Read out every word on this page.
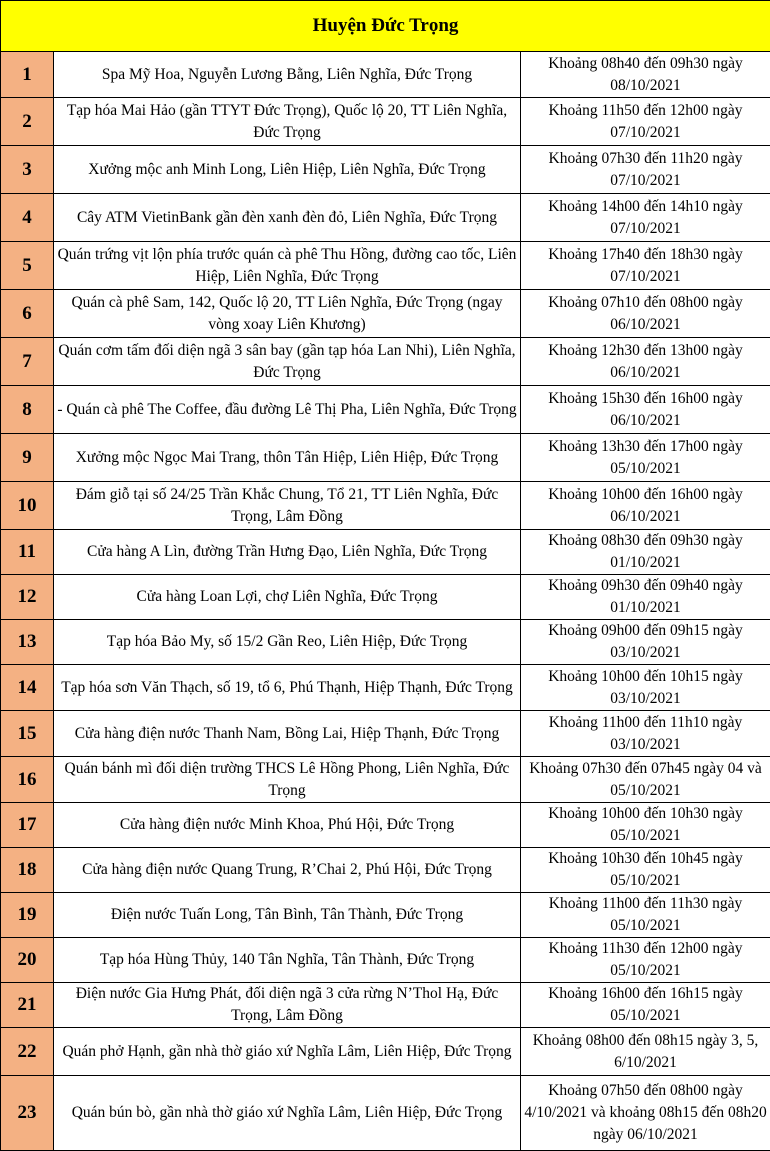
Huyện Đức Trọng		
1	Spa Mỹ Hoa, Nguyễn Lương Bằng, Liên Nghĩa, Đức Trọng	Khoảng 08h40 đến 09h30 ngày 08/10/2021
2	Tạp hóa Mai Hảo (gần TTYT Đức Trọng), Quốc lộ 20, TT Liên Nghĩa, Đức Trọng	Khoảng 11h50 đến 12h00 ngày 07/10/2021
3	Xưởng mộc anh Minh Long, Liên Hiệp, Liên Nghĩa, Đức Trọng	Khoảng 07h30 đến 11h20 ngày 07/10/2021
4	Cây ATM VietinBank gần đèn xanh đèn đỏ, Liên Nghĩa, Đức Trọng	Khoảng 14h00 đến 14h10 ngày 07/10/2021
5	Quán trứng vịt lộn phía trước quán cà phê Thu Hồng, đường cao tốc, Liên Hiệp, Liên Nghĩa, Đức Trọng	Khoảng 17h40 đến 18h30 ngày 07/10/2021
6	Quán cà phê Sam, 142, Quốc lộ 20, TT Liên Nghĩa, Đức Trọng (ngay vòng xoay Liên Khương)	Khoảng 07h10 đến 08h00 ngày 06/10/2021
7	Quán cơm tấm đối diện ngã 3 sân bay (gần tạp hóa Lan Nhi), Liên Nghĩa, Đức Trọng	Khoảng 12h30 đến 13h00 ngày 06/10/2021
8	- Quán cà phê The Coffee, đầu đường Lê Thị Pha, Liên Nghĩa, Đức Trọng	Khoảng 15h30 đến 16h00 ngày 06/10/2021
9	Xưởng mộc Ngọc Mai Trang, thôn Tân Hiệp, Liên Hiệp, Đức Trọng	Khoảng 13h30 đến 17h00 ngày 05/10/2021
10	Đám giỗ tại số 24/25 Trần Khắc Chung, Tổ 21, TT Liên Nghĩa, Đức Trọng, Lâm Đồng	Khoảng 10h00 đến 16h00 ngày 06/10/2021
11	Cửa hàng A Lìn, đường Trần Hưng Đạo, Liên Nghĩa, Đức Trọng	Khoảng 08h30 đến 09h30 ngày 01/10/2021
12	Cửa hàng Loan Lợi, chợ Liên Nghĩa, Đức Trọng	Khoảng 09h30 đến 09h40 ngày 01/10/2021
13	Tạp hóa Bảo My, số 15/2 Gần Reo, Liên Hiệp, Đức Trọng	Khoảng 09h00 đến 09h15 ngày 03/10/2021
14	Tạp hóa sơn Văn Thạch, số 19, tổ 6, Phú Thạnh, Hiệp Thạnh, Đức Trọng	Khoảng 10h00 đến 10h15 ngày 03/10/2021
15	Cửa hàng điện nước Thanh Nam, Bồng Lai, Hiệp Thạnh, Đức Trọng	Khoảng 11h00 đến 11h10 ngày 03/10/2021
16	Quán bánh mì đối diện trường THCS Lê Hồng Phong, Liên Nghĩa, Đức Trọng	Khoảng 07h30 đến 07h45 ngày 04 và 05/10/2021
17	Cửa hàng điện nước Minh Khoa, Phú Hội, Đức Trọng	Khoảng 10h00 đến 10h30 ngày 05/10/2021
18	Cửa hàng điện nước Quang Trung, R’Chai 2, Phú Hội, Đức Trọng	Khoảng 10h30 đến 10h45 ngày 05/10/2021
19	Điện nước Tuấn Long, Tân Bình, Tân Thành, Đức Trọng	Khoảng 11h00 đến 11h30 ngày 05/10/2021
20	Tạp hóa Hùng Thủy, 140 Tân Nghĩa, Tân Thành, Đức Trọng	Khoảng 11h30 đến 12h00 ngày 05/10/2021
21	Điện nước Gia Hưng Phát, đối diện ngã 3 cửa rừng N’Thol Hạ, Đức Trọng, Lâm Đồng	Khoảng 16h00 đến 16h15 ngày 05/10/2021
22	Quán phở Hạnh, gần nhà thờ giáo xứ Nghĩa Lâm, Liên Hiệp, Đức Trọng	Khoảng 08h00 đến 08h15 ngày 3, 5, 6/10/2021
23	Quán bún bò, gần nhà thờ giáo xứ Nghĩa Lâm, Liên Hiệp, Đức Trọng	Khoảng 07h50 đến 08h00 ngày 4/10/2021 và khoảng 08h15 đến 08h20 ngày 06/10/2021
